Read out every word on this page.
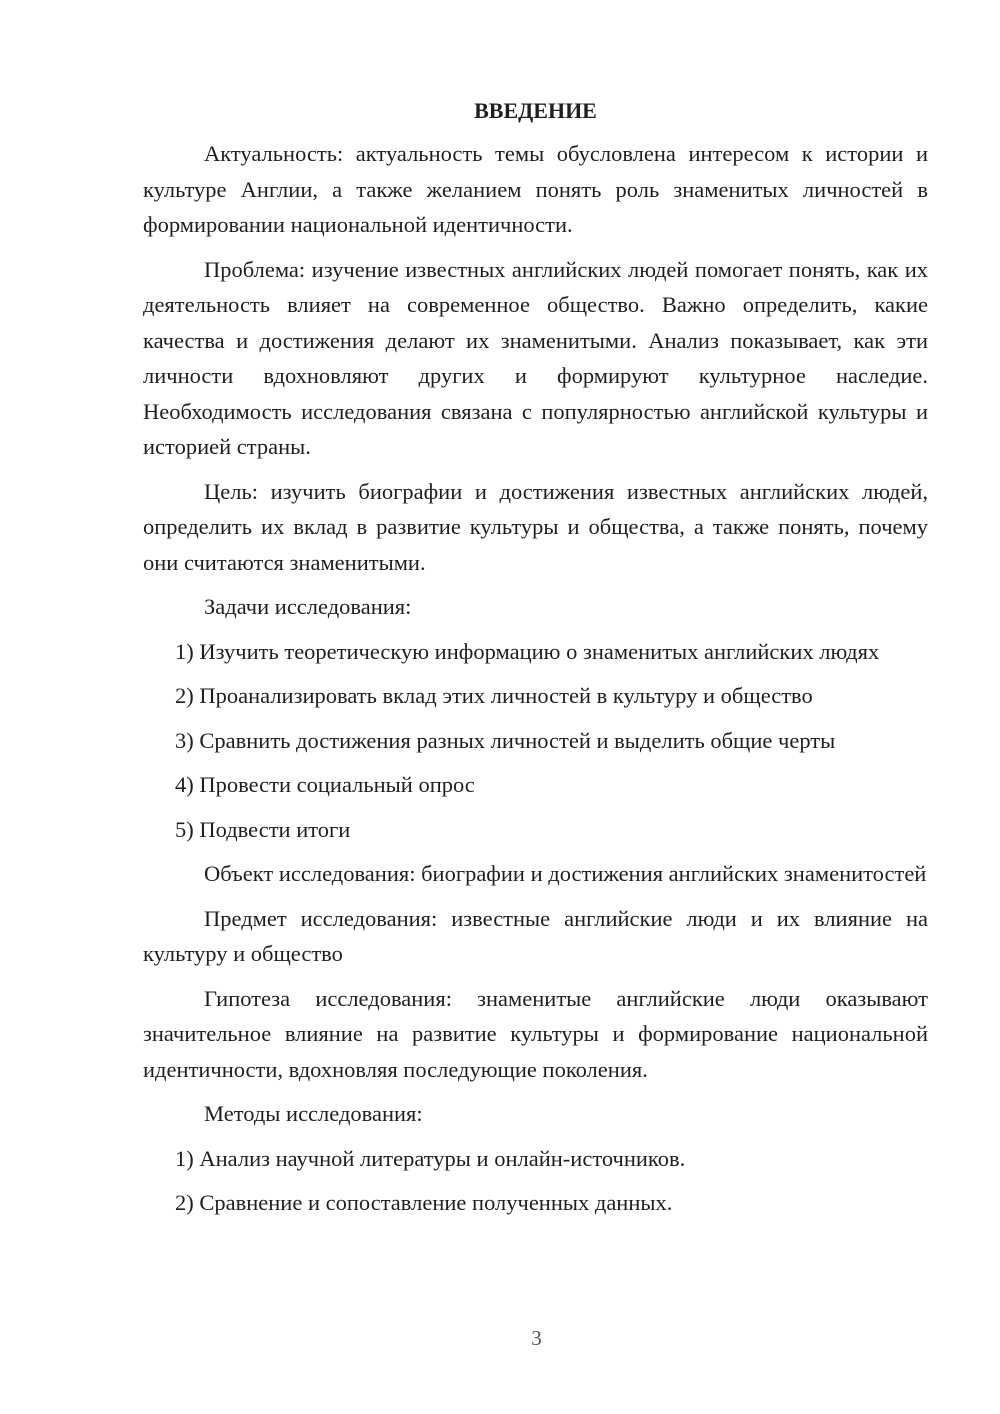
ВВЕДЕНИЕ

Актуальность: актуальность темы обусловлена интересом к истории и культуре Англии, а также желанием понять роль знаменитых личностей в формировании национальной идентичности.

Проблема: изучение известных английских людей помогает понять, как их деятельность влияет на современное общество. Важно определить, какие качества и достижения делают их знаменитыми. Анализ показывает, как эти личности вдохновляют других и формируют культурное наследие. Необходимость исследования связана с популярностью английской культуры и историей страны.

Цель: изучить биографии и достижения известных английских людей, определить их вклад в развитие культуры и общества, а также понять, почему они считаются знаменитыми.

Задачи исследования:

1) Изучить теоретическую информацию о знаменитых английских людях

2) Проанализировать вклад этих личностей в культуру и общество

3) Сравнить достижения разных личностей и выделить общие черты

4) Провести социальный опрос

5) Подвести итоги

Объект исследования: биографии и достижения английских знаменитостей

Предмет исследования: известные английские люди и их влияние на культуру и общество

Гипотеза исследования: знаменитые английские люди оказывают значительное влияние на развитие культуры и формирование национальной идентичности, вдохновляя последующие поколения.

Методы исследования:

1) Анализ научной литературы и онлайн-источников.

2) Сравнение и сопоставление полученных данных.

3
